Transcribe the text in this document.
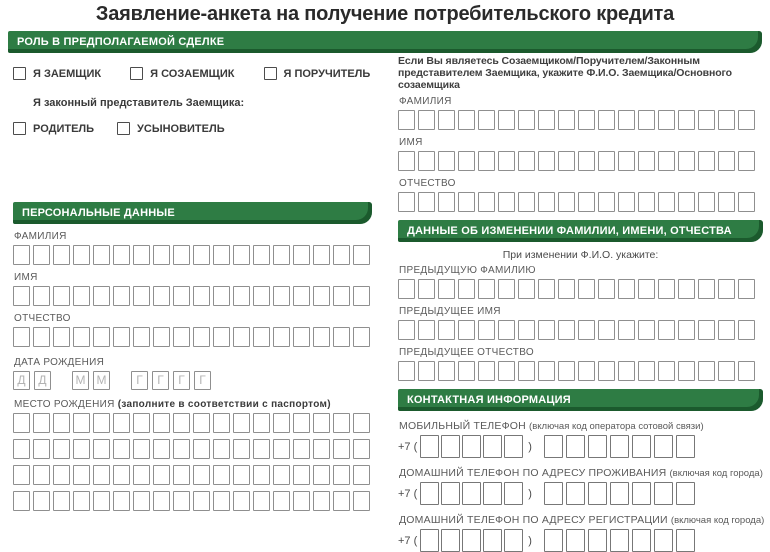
Заявление-анкета на получение потребительского кредита
РОЛЬ В ПРЕДПОЛАГАЕМОЙ СДЕЛКЕ
Я ЗАЕМЩИК	Я СОЗАЕМЩИК	Я ПОРУЧИТЕЛЬ
Я законный представитель Заемщика:
РОДИТЕЛЬ	УСЫНОВИТЕЛЬ
ПЕРСОНАЛЬНЫЕ ДАННЫЕ
ФАМИЛИЯ
ИМЯ
ОТЧЕСТВО
ДАТА РОЖДЕНИЯ
Д	Д	М М	Г	Г	Г	Г
МЕСТО РОЖДЕНИЯ (заполните в соответствии с паспортом)
Если Вы являетесь Созаемщиком/Поручителем/Законным представителем Заемщика, укажите Ф.И.О. Заемщика/Основного созаемщика
ФАМИЛИЯ
ИМЯ
ОТЧЕСТВО
ДАННЫЕ ОБ ИЗМЕНЕНИИ ФАМИЛИИ, ИМЕНИ, ОТЧЕСТВА
При изменении Ф.И.О. укажите:
ПРЕДЫДУЩУЮ ФАМИЛИЮ
ПРЕДЫДУЩЕЕ ИМЯ
ПРЕДЫДУЩЕЕ ОТЧЕСТВО
КОНТАКТНАЯ ИНФОРМАЦИЯ
МОБИЛЬНЫЙ ТЕЛЕФОН (включая код оператора сотовой связи)
+7 (	)
ДОМАШНИЙ ТЕЛЕФОН ПО АДРЕСУ ПРОЖИВАНИЯ (включая код города)
+7 (	)
ДОМАШНИЙ ТЕЛЕФОН ПО АДРЕСУ РЕГИСТРАЦИИ (включая код города)
+7 (	)
